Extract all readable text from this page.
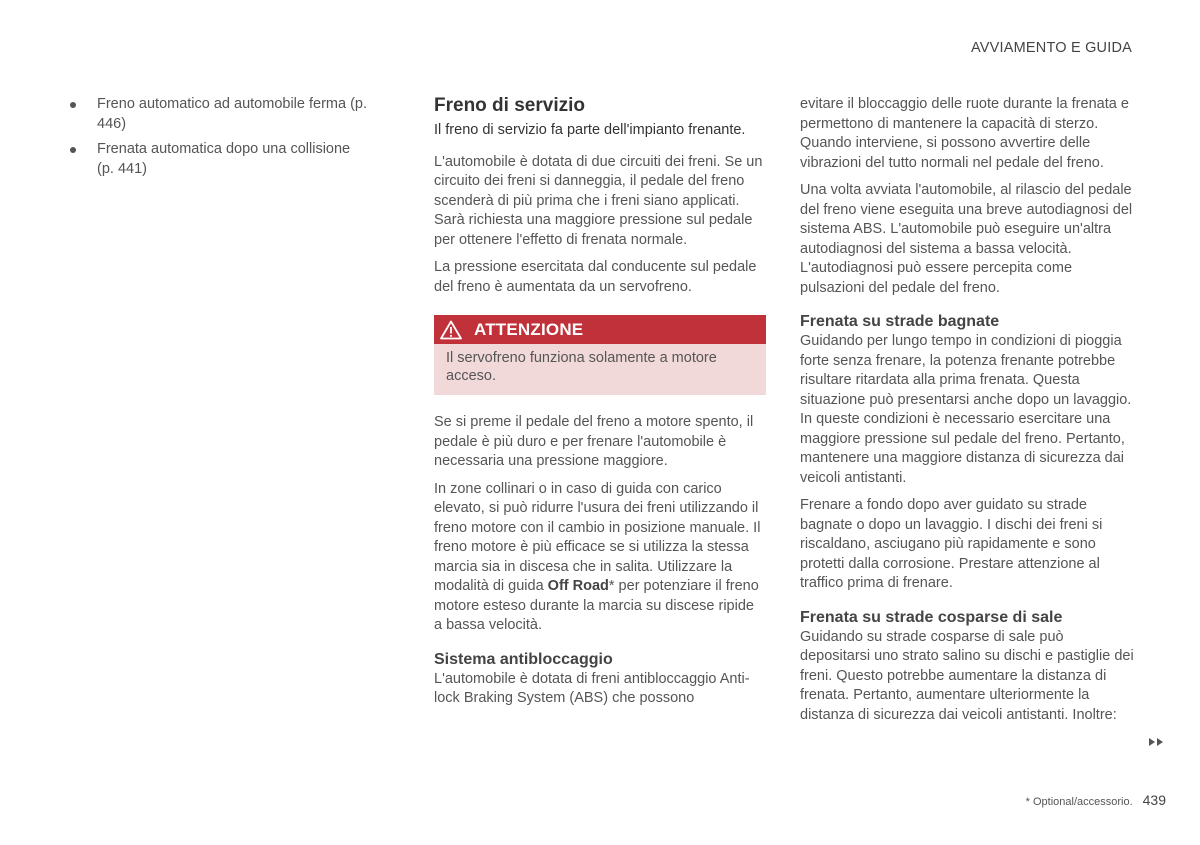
AVVIAMENTO E GUIDA
Freno automatico ad automobile ferma (p. 446)
Frenata automatica dopo una collisione (p. 441)
Freno di servizio
Il freno di servizio fa parte dell'impianto frenante.

L'automobile è dotata di due circuiti dei freni. Se un circuito dei freni si danneggia, il pedale del freno scenderà di più prima che i freni siano applicati. Sarà richiesta una maggiore pressione sul pedale per ottenere l'effetto di frenata normale.

La pressione esercitata dal conducente sul pedale del freno è aumentata da un servofreno.

ATTENZIONE
Il servofreno funziona solamente a motore acceso.

Se si preme il pedale del freno a motore spento, il pedale è più duro e per frenare l'automobile è necessaria una pressione maggiore.

In zone collinari o in caso di guida con carico elevato, si può ridurre l'usura dei freni utilizzando il freno motore con il cambio in posizione manuale. Il freno motore è più efficace se si utilizza la stessa marcia sia in discesa che in salita. Utilizzare la modalità di guida Off Road* per potenziare il freno motore esteso durante la marcia su discese ripide a bassa velocità.

Sistema antibloccaggio

L'automobile è dotata di freni antibloccaggio Anti-lock Braking System (ABS) che possono

evitare il bloccaggio delle ruote durante la frenata e permettono di mantenere la capacità di sterzo. Quando interviene, si possono avvertire delle vibrazioni del tutto normali nel pedale del freno.

Una volta avviata l'automobile, al rilascio del pedale del freno viene eseguita una breve autodiagnosi del sistema ABS. L'automobile può eseguire un'altra autodiagnosi del sistema a bassa velocità. L'autodiagnosi può essere percepita come pulsazioni del pedale del freno.

Frenata su strade bagnate

Guidando per lungo tempo in condizioni di pioggia forte senza frenare, la potenza frenante potrebbe risultare ritardata alla prima frenata. Questa situazione può presentarsi anche dopo un lavaggio. In queste condizioni è necessario esercitare una maggiore pressione sul pedale del freno. Pertanto, mantenere una maggiore distanza di sicurezza dai veicoli antistanti.

Frenare a fondo dopo aver guidato su strade bagnate o dopo un lavaggio. I dischi dei freni si riscaldano, asciugano più rapidamente e sono protetti dalla corrosione. Prestare attenzione al traffico prima di frenare.

Frenata su strade cosparse di sale

Guidando su strade cosparse di sale può depositarsi uno strato salino su dischi e pastiglie dei freni. Questo potrebbe aumentare la distanza di frenata. Pertanto, aumentare ulteriormente la distanza di sicurezza dai veicoli antistanti. Inoltre:

* Optional/accessorio. 439
